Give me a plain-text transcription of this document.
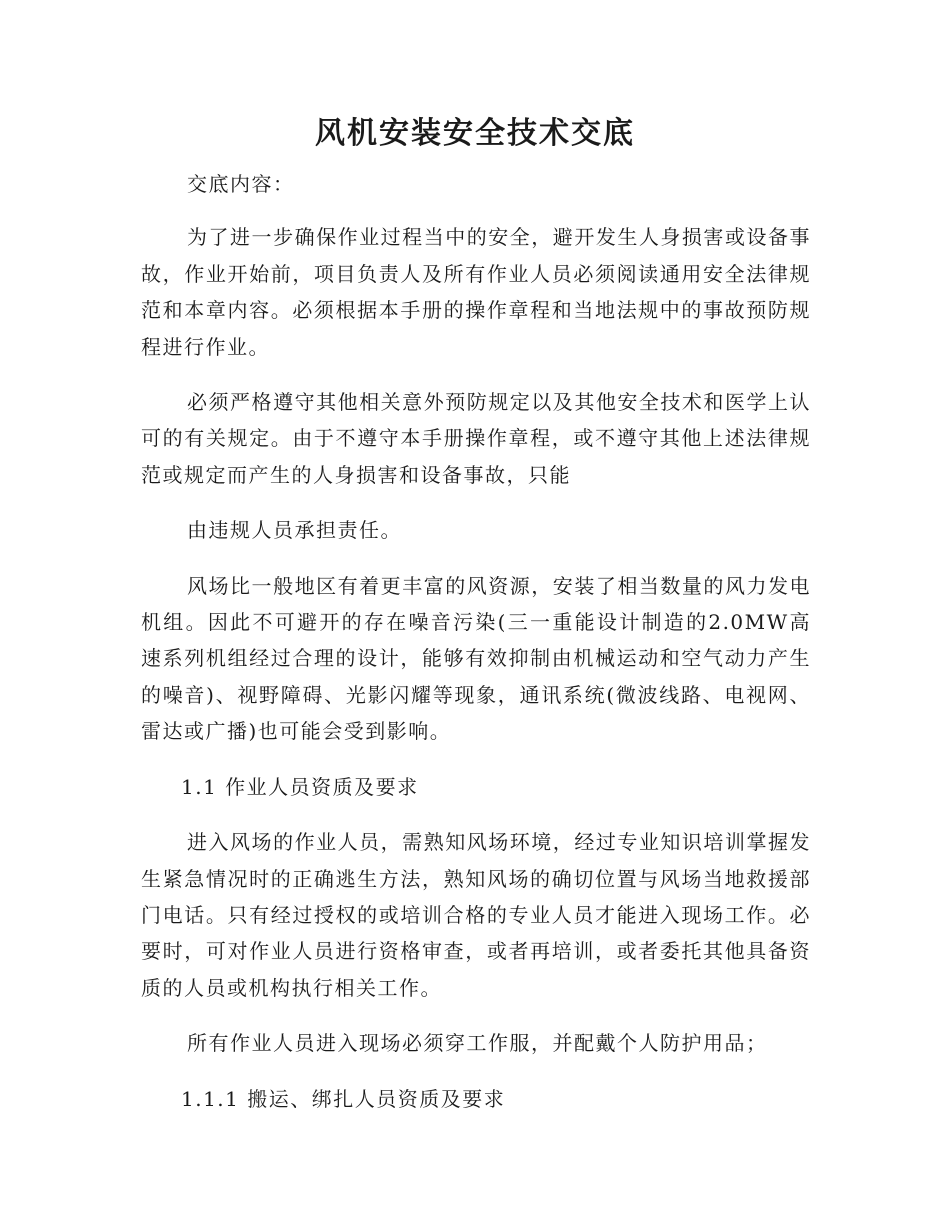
风机安装安全技术交底

交底内容：

为了进一步确保作业过程当中的安全，避开发生人身损害或设备事故，作业开始前，项目负责人及所有作业人员必须阅读通用安全法律规范和本章内容。必须根据本手册的操作章程和当地法规中的事故预防规程进行作业。

必须严格遵守其他相关意外预防规定以及其他安全技术和医学上认可的有关规定。由于不遵守本手册操作章程，或不遵守其他上述法律规范或规定而产生的人身损害和设备事故，只能

由违规人员承担责任。

风场比一般地区有着更丰富的风资源，安装了相当数量的风力发电机组。因此不可避开的存在噪音污染(三一重能设计制造的2.0MW高速系列机组经过合理的设计，能够有效抑制由机械运动和空气动力产生的噪音)、视野障碍、光影闪耀等现象，通讯系统(微波线路、电视网、雷达或广播)也可能会受到影响。

1.1 作业人员资质及要求

进入风场的作业人员，需熟知风场环境，经过专业知识培训掌握发生紧急情况时的正确逃生方法，熟知风场的确切位置与风场当地救援部门电话。只有经过授权的或培训合格的专业人员才能进入现场工作。必要时，可对作业人员进行资格审查，或者再培训，或者委托其他具备资质的人员或机构执行相关工作。

所有作业人员进入现场必须穿工作服，并配戴个人防护用品；

1.1.1 搬运、绑扎人员资质及要求
